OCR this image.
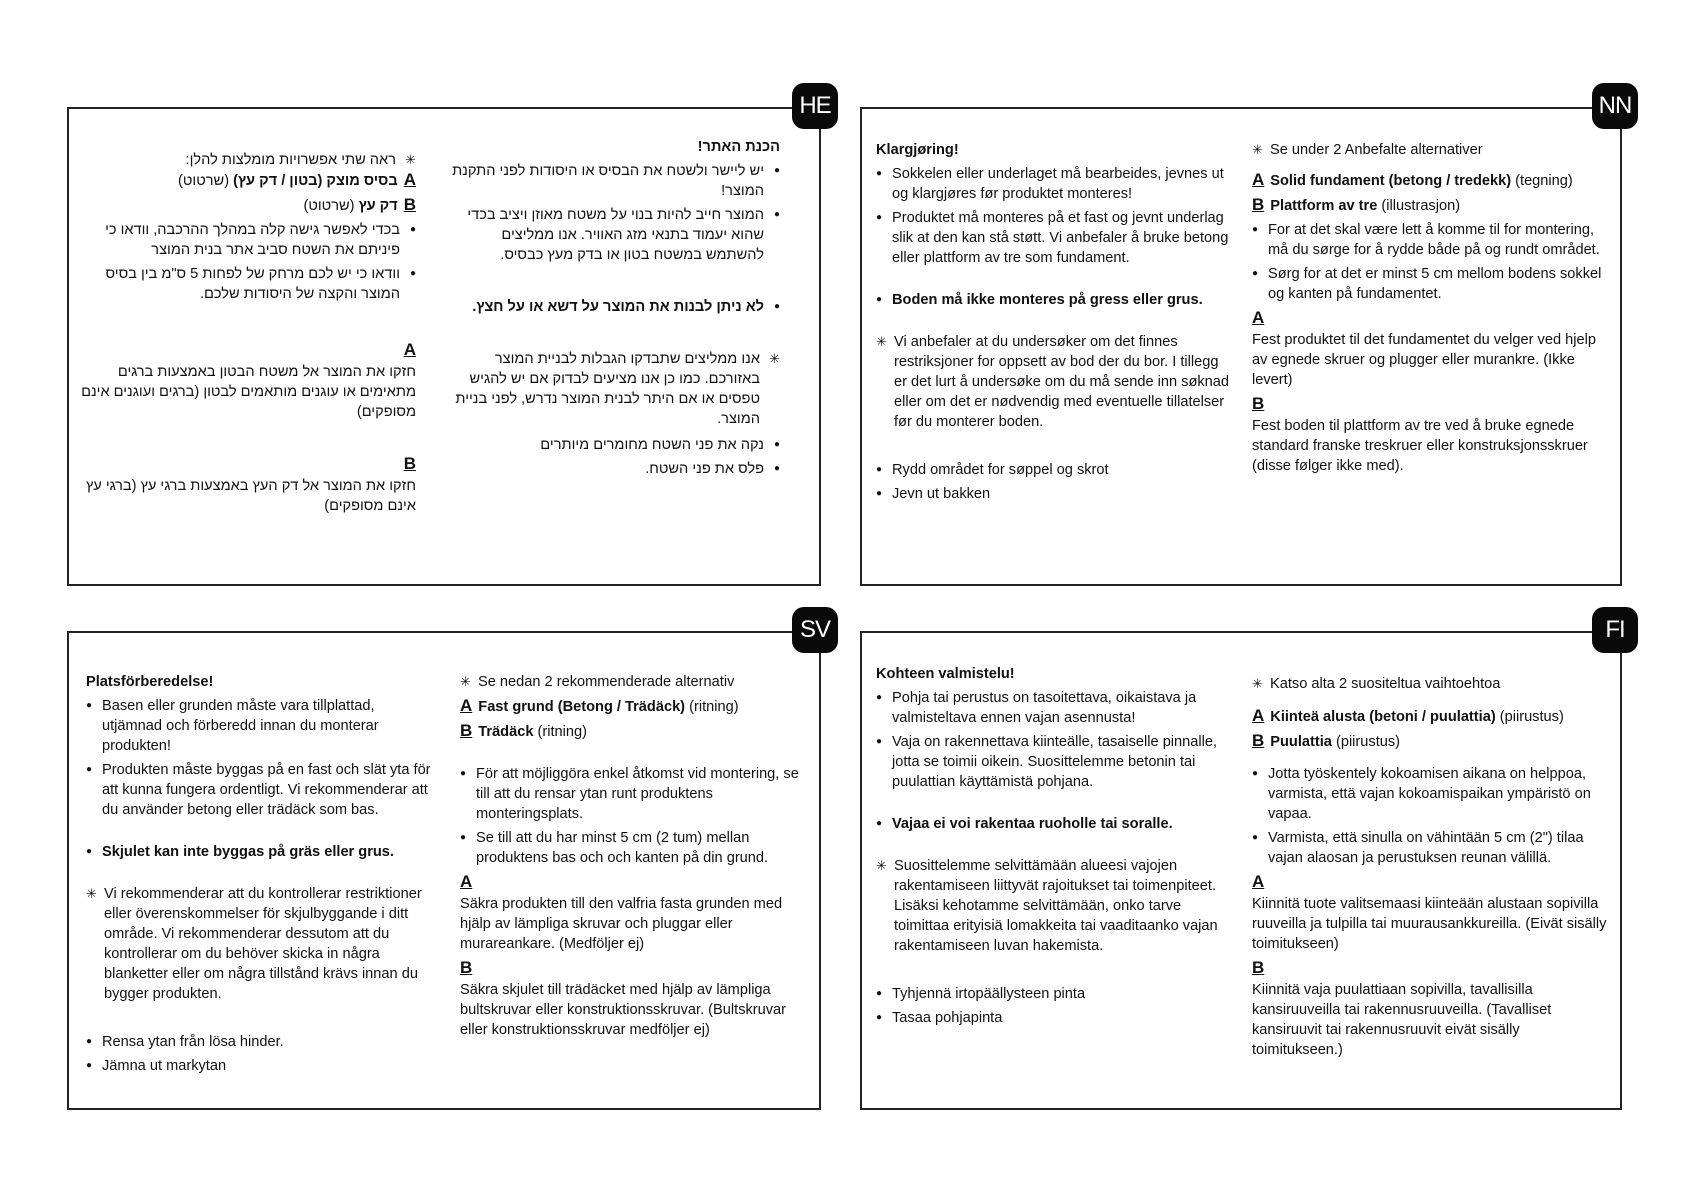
HE

הכנת האתר!

● יש ליישר ולשטח את הבסיס או היסודות לפני התקנת המוצר!

● המוצר חייב להיות בנוי על משטח מאוזן ויציב בכדי שהוא יעמוד בתנאי מזג האוויר. אנו ממליצים להשתמש במשטח בטון או בדק מעץ כבסיס.

● לא ניתן לבנות את המוצר על דשא או על חצץ.

✳ אנו ממליצים שתבדקו הגבלות לבניית המוצר באזורכם. כמו כן אנו מציעים לבדוק אם יש להגיש טפסים או אם היתר לבנית המוצר נדרש, לפני בניית המוצר.

● נקה את פני השטח מחומרים מיותרים

● פלס את פני השטח.

✳ ראה שתי אפשרויות מומלצות להלן:

Aבסיס מוצק (בטון / דק עץ) (שרטוט)

Bדק עץ (שרטוט)

● בכדי לאפשר גישה קלה במהלך ההרכבה, וודאו כי פיניתם את השטח סביב אתר בנית המוצר

● וודאו כי יש לכם מרחק של לפחות 5 ס"מ בין בסיס המוצר והקצה של היסודות שלכם.

A

חזקו את המוצר אל משטח הבטון באמצעות ברגים מתאימים או עוגנים מותאמים לבטון (ברגים ועוגנים אינם מסופקים)

B

חזקו את המוצר אל דק העץ באמצעות ברגי עץ (ברגי עץ אינם מסופקים)

NN

Klargjøring!

● Sokkelen eller underlaget må bearbeides, jevnes ut og klargjøres før produktet monteres!

● Produktet må monteres på et fast og jevnt underlag slik at den kan stå støtt. Vi anbefaler å bruke betong eller plattform av tre som fundament.

● Boden må ikke monteres på gress eller grus.

✳ Vi anbefaler at du undersøker om det finnes restriksjoner for oppsett av bod der du bor. I tillegg er det lurt å undersøke om du må sende inn søknad eller om det er nødvendig med eventuelle tillatelser før du monterer boden.

● Rydd området for søppel og skrot

● Jevn ut bakken

✳ Se under 2 Anbefalte alternativer

A Solid fundament (betong / tredekk) (tegning)

B Plattform av tre (illustrasjon)

● For at det skal være lett å komme til for montering, må du sørge for å rydde både på og rundt området.

● Sørg for at det er minst 5 cm mellom bodens sokkel og kanten på fundamentet.

A

Fest produktet til det fundamentet du velger ved hjelp av egnede skruer og plugger eller murankre. (Ikke levert)

B

Fest boden til plattform av tre ved å bruke egnede standard franske treskruer eller konstruksjonsskruer (disse følger ikke med).

SV

Platsförberedelse!

● Basen eller grunden måste vara tillplattad, utjämnad och förberedd innan du monterar produkten!

● Produkten måste byggas på en fast och slät yta för att kunna fungera ordentligt. Vi rekommenderar att du använder betong eller trädäck som bas.

● Skjulet kan inte byggas på gräs eller grus.

✳ Vi rekommenderar att du kontrollerar restriktioner eller överenskommelser för skjulbyggande i ditt område. Vi rekommenderar dessutom att du kontrollerar om du behöver skicka in några blanketter eller om några tillstånd krävs innan du bygger produkten.

● Rensa ytan från lösa hinder.

● Jämna ut markytan

✳ Se nedan 2 rekommenderade alternativ

A Fast grund (Betong / Trädäck) (ritning)

B Trädäck (ritning)

● För att möjliggöra enkel åtkomst vid montering, se till att du rensar ytan runt produktens monteringsplats.

● Se till att du har minst 5 cm (2 tum) mellan produktens bas och och kanten på din grund.

A

Säkra produkten till den valfria fasta grunden med hjälp av lämpliga skruvar och pluggar eller murareankare. (Medföljer ej)

B

Säkra skjulet till trädäcket med hjälp av lämpliga bultskruvar eller konstruktionsskruvar. (Bultskruvar eller konstruktionsskruvar medföljer ej)

FI

Kohteen valmistelu!

● Pohja tai perustus on tasoitettava, oikaistava ja valmisteltava ennen vajan asennusta!

● Vaja on rakennettava kiinteälle, tasaiselle pinnalle, jotta se toimii oikein. Suosittelemme betonin tai puulattian käyttämistä pohjana.

● Vajaa ei voi rakentaa ruoholle tai soralle.

✳ Suosittelemme selvittämään alueesi vajojen rakentamiseen liittyvät rajoitukset tai toimenpiteet. Lisäksi kehotamme selvittämään, onko tarve toimittaa erityisiä lomakkeita tai vaaditaanko vajan rakentamiseen luvan hakemista.

● Tyhjennä irtopäällysteen pinta

● Tasaa pohjapinta

✳ Katso alta 2 suositeltua vaihtoehtoa

A Kiinteä alusta (betoni / puulattia) (piirustus)

B Puulattia (piirustus)

● Jotta työskentely kokoamisen aikana on helppoa, varmista, että vajan kokoamispaikan ympäristö on vapaa.

● Varmista, että sinulla on vähintään 5 cm (2") tilaa vajan alaosan ja perustuksen reunan välillä.

A

Kiinnitä tuote valitsemaasi kiinteään alustaan sopivilla ruuveilla ja tulpilla tai muurausankkureilla. (Eivät sisälly toimitukseen)

B

Kiinnitä vaja puulattiaan sopivilla, tavallisilla kansiruuveilla tai rakennusruuveilla. (Tavalliset kansiruuvit tai rakennusruuvit eivät sisälly toimitukseen.)
